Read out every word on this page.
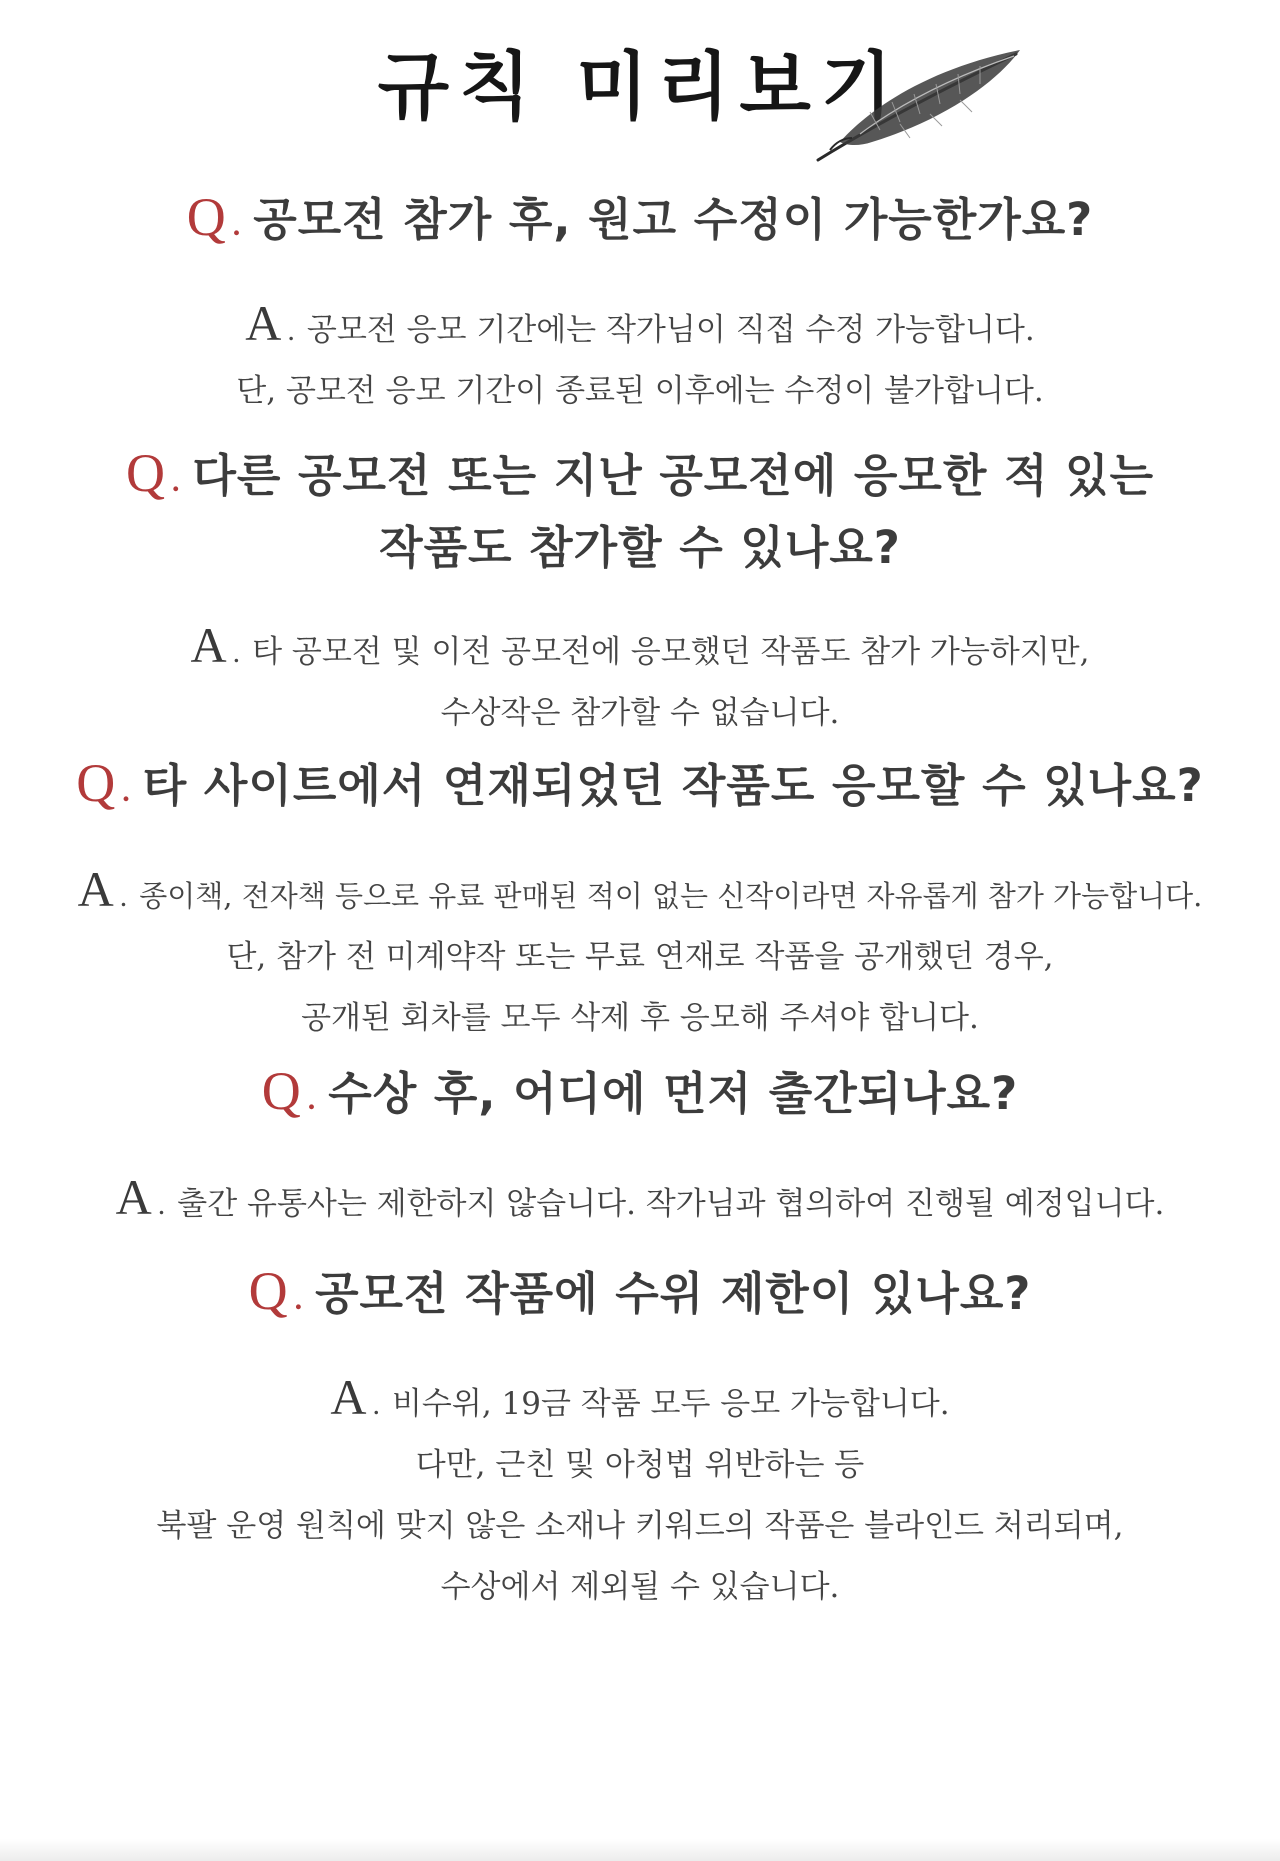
규칙 미리보기

Q . 공모전 참가 후, 원고 수정이 가능한가요?

A . 공모전 응모 기간에는 작가님이 직접 수정 가능합니다.
단, 공모전 응모 기간이 종료된 이후에는 수정이 불가합니다.

Q . 다른 공모전 또는 지난 공모전에 응모한 적 있는
작품도 참가할 수 있나요?

A . 타 공모전 및 이전 공모전에 응모했던 작품도 참가 가능하지만,
수상작은 참가할 수 없습니다.

Q . 타 사이트에서 연재되었던 작품도 응모할 수 있나요?

A . 종이책, 전자책 등으로 유료 판매된 적이 없는 신작이라면 자유롭게 참가 가능합니다.
단, 참가 전 미계약작 또는 무료 연재로 작품을 공개했던 경우,
공개된 회차를 모두 삭제 후 응모해 주셔야 합니다.

Q . 수상 후, 어디에 먼저 출간되나요?

A . 출간 유통사는 제한하지 않습니다. 작가님과 협의하여 진행될 예정입니다.

Q . 공모전 작품에 수위 제한이 있나요?

A . 비수위, 19금 작품 모두 응모 가능합니다.
다만, 근친 및 아청법 위반하는 등
북팔 운영 원칙에 맞지 않은 소재나 키워드의 작품은 블라인드 처리되며,
수상에서 제외될 수 있습니다.
